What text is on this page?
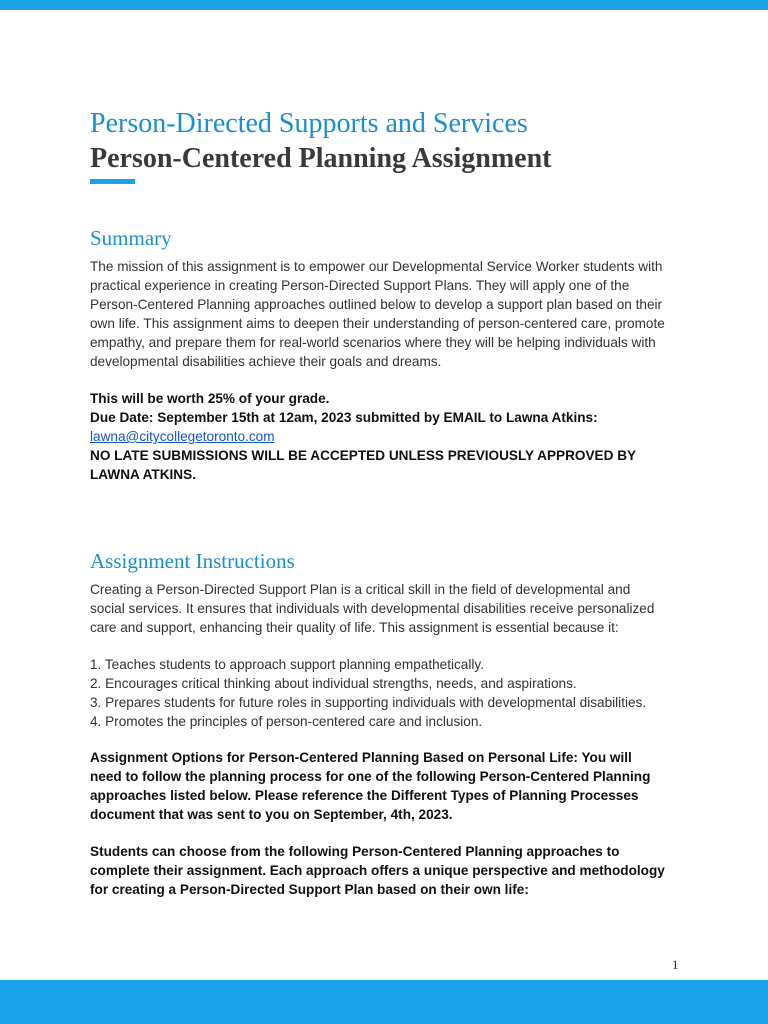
Person-Directed Supports and Services
Person-Centered Planning Assignment
Summary
The mission of this assignment is to empower our Developmental Service Worker students with
practical experience in creating Person-Directed Support Plans. They will apply one of the
Person-Centered Planning approaches outlined below to develop a support plan based on their
own life. This assignment aims to deepen their understanding of person-centered care, promote
empathy, and prepare them for real-world scenarios where they will be helping individuals with
developmental disabilities achieve their goals and dreams.
This will be worth 25% of your grade.
Due Date: September 15th at 12am, 2023 submitted by EMAIL to Lawna Atkins:
lawna@citycollegetoronto.com
NO LATE SUBMISSIONS WILL BE ACCEPTED UNLESS PREVIOUSLY APPROVED BY
LAWNA ATKINS.
Assignment Instructions
Creating a Person-Directed Support Plan is a critical skill in the field of developmental and
social services. It ensures that individuals with developmental disabilities receive personalized
care and support, enhancing their quality of life. This assignment is essential because it:
1. Teaches students to approach support planning empathetically.
2. Encourages critical thinking about individual strengths, needs, and aspirations.
3. Prepares students for future roles in supporting individuals with developmental disabilities.
4. Promotes the principles of person-centered care and inclusion.
Assignment Options for Person-Centered Planning Based on Personal Life: You will
need to follow the planning process for one of the following Person-Centered Planning
approaches listed below. Please reference the Different Types of Planning Processes
document that was sent to you on September, 4th, 2023.
Students can choose from the following Person-Centered Planning approaches to
complete their assignment. Each approach offers a unique perspective and methodology
for creating a Person-Directed Support Plan based on their own life:
1
